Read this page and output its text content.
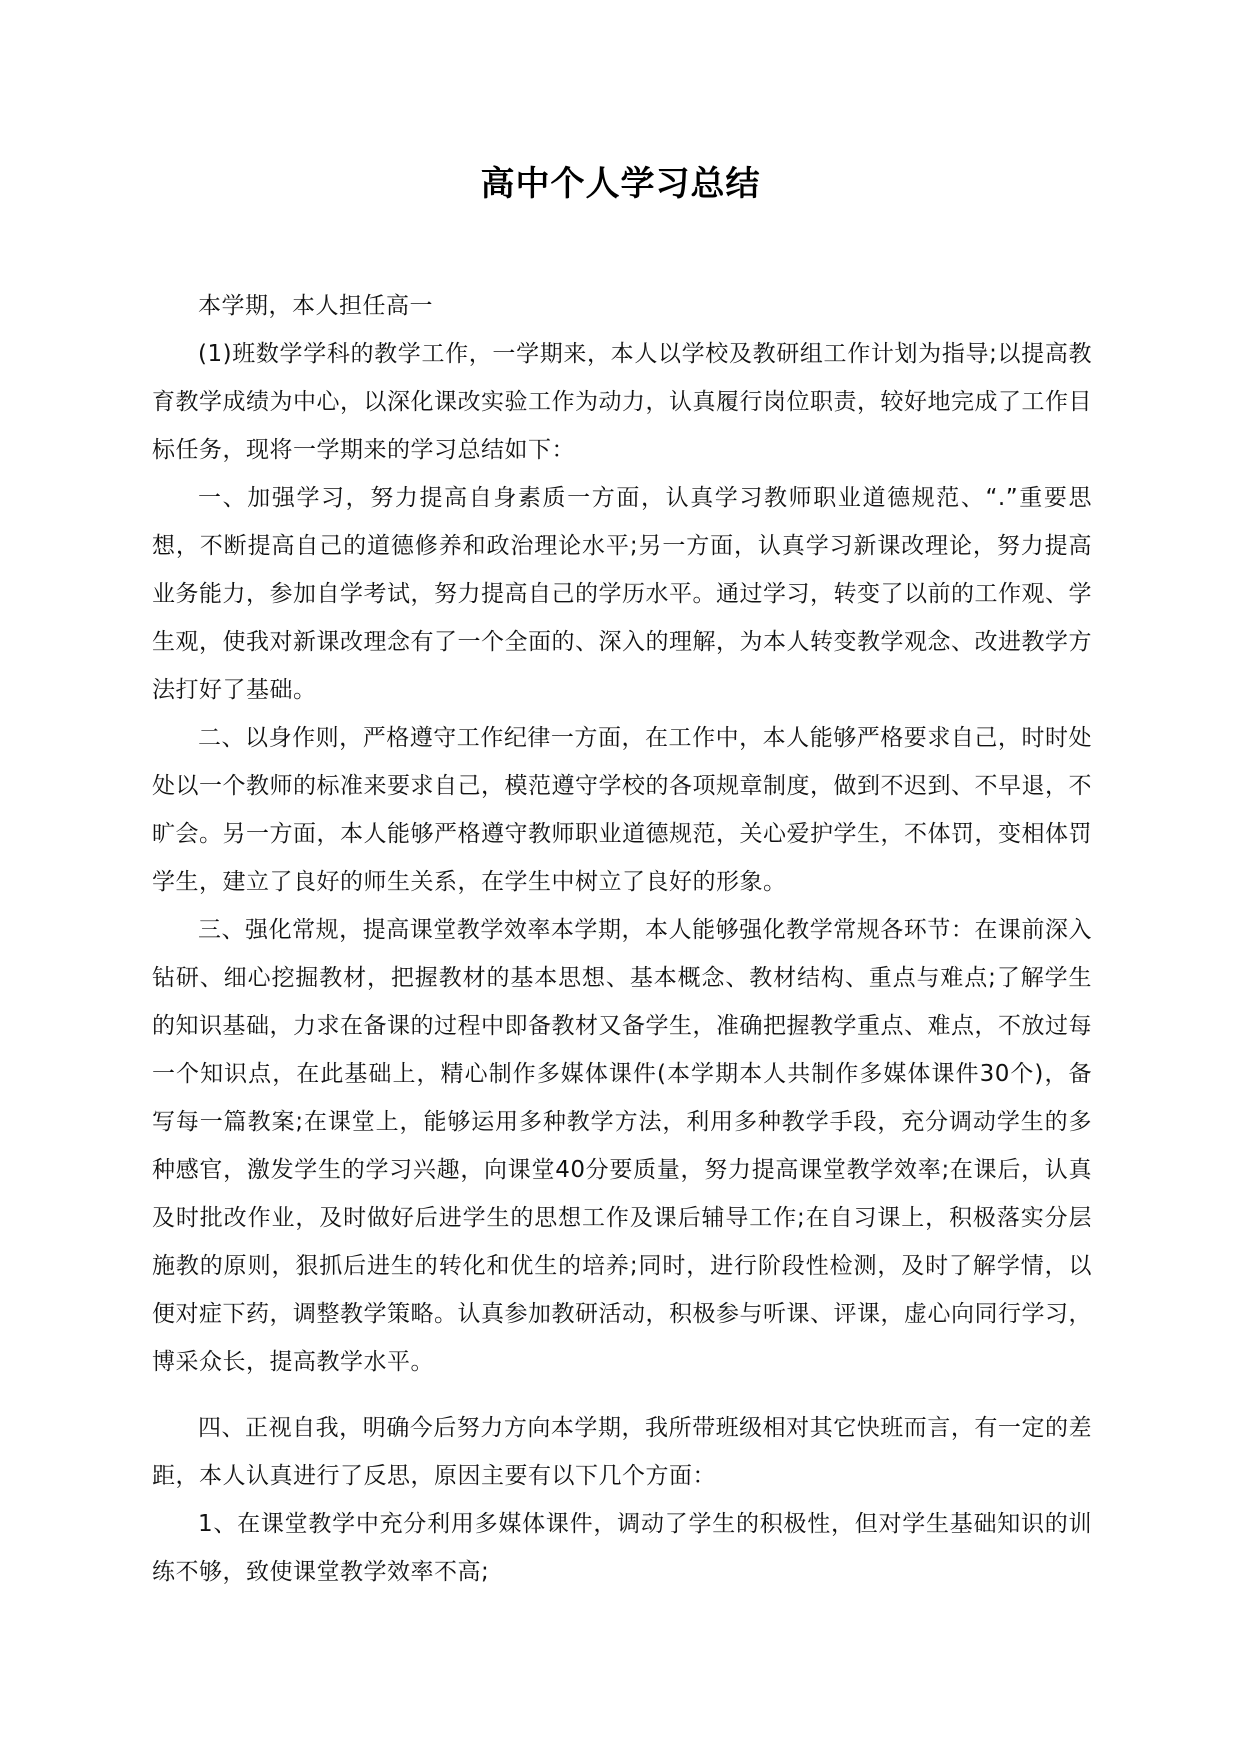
高中个人学习总结

本学期，本人担任高一

(1)班数学学科的教学工作，一学期来，本人以学校及教研组工作计划为指导;以提高教育教学成绩为中心，以深化课改实验工作为动力，认真履行岗位职责，较好地完成了工作目标任务，现将一学期来的学习总结如下：

一、加强学习，努力提高自身素质一方面，认真学习教师职业道德规范、“.”重要思想，不断提高自己的道德修养和政治理论水平;另一方面，认真学习新课改理论，努力提高业务能力，参加自学考试，努力提高自己的学历水平。通过学习，转变了以前的工作观、学生观，使我对新课改理念有了一个全面的、深入的理解，为本人转变教学观念、改进教学方法打好了基础。

二、以身作则，严格遵守工作纪律一方面，在工作中，本人能够严格要求自己，时时处处以一个教师的标准来要求自己，模范遵守学校的各项规章制度，做到不迟到、不早退，不旷会。另一方面，本人能够严格遵守教师职业道德规范，关心爱护学生，不体罚，变相体罚学生，建立了良好的师生关系，在学生中树立了良好的形象。

三、强化常规，提高课堂教学效率本学期，本人能够强化教学常规各环节：在课前深入钻研、细心挖掘教材，把握教材的基本思想、基本概念、教材结构、重点与难点;了解学生的知识基础，力求在备课的过程中即备教材又备学生，准确把握教学重点、难点，不放过每一个知识点，在此基础上，精心制作多媒体课件(本学期本人共制作多媒体课件30个)，备写每一篇教案;在课堂上，能够运用多种教学方法，利用多种教学手段，充分调动学生的多种感官，激发学生的学习兴趣，向课堂40分要质量，努力提高课堂教学效率;在课后，认真及时批改作业，及时做好后进学生的思想工作及课后辅导工作;在自习课上，积极落实分层施教的原则，狠抓后进生的转化和优生的培养;同时，进行阶段性检测，及时了解学情，以便对症下药，调整教学策略。认真参加教研活动，积极参与听课、评课，虚心向同行学习，博采众长，提高教学水平。

四、正视自我，明确今后努力方向本学期，我所带班级相对其它快班而言，有一定的差距，本人认真进行了反思，原因主要有以下几个方面：

1、在课堂教学中充分利用多媒体课件，调动了学生的积极性，但对学生基础知识的训练不够，致使课堂教学效率不高;
